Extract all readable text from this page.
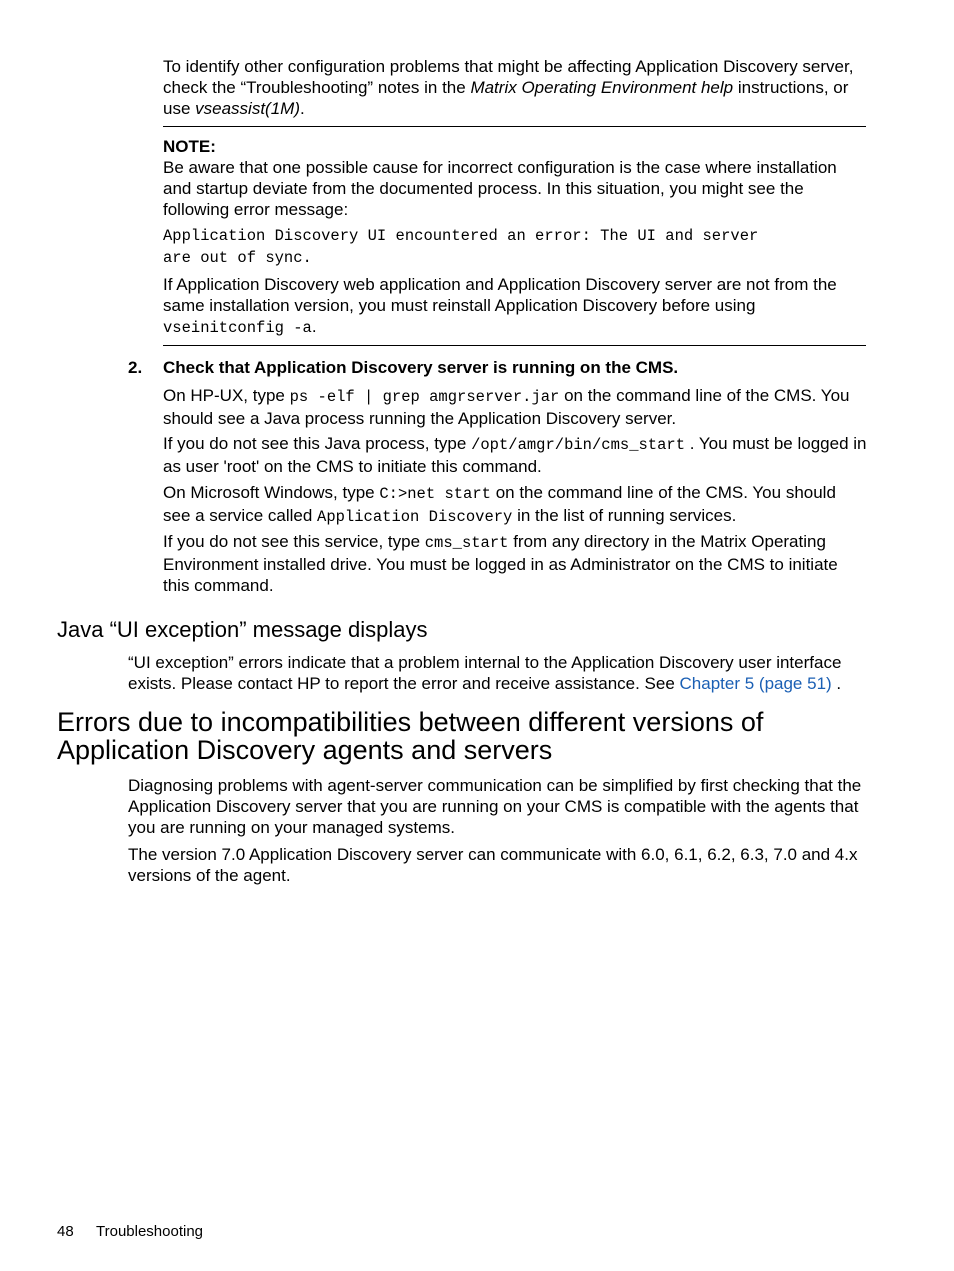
To identify other configuration problems that might be affecting Application Discovery server, check the “Troubleshooting” notes in the Matrix Operating Environment help instructions, or use vseassist(1M).

NOTE:

Be aware that one possible cause for incorrect configuration is the case where installation and startup deviate from the documented process. In this situation, you might see the following error message:

Application Discovery UI encountered an error: The UI and server
are out of sync.

If Application Discovery web application and Application Discovery server are not from the same installation version, you must reinstall Application Discovery before using vseinitconfig -a.

2. Check that Application Discovery server is running on the CMS.

On HP-UX, type ps -elf | grep amgrserver.jar on the command line of the CMS. You should see a Java process running the Application Discovery server.

If you do not see this Java process, type /opt/amgr/bin/cms_start . You must be logged in as user 'root' on the CMS to initiate this command.

On Microsoft Windows, type C:>net start on the command line of the CMS. You should see a service called Application Discovery in the list of running services.

If you do not see this service, type cms_start from any directory in the Matrix Operating Environment installed drive. You must be logged in as Administrator on the CMS to initiate this command.

Java “UI exception” message displays

“UI exception” errors indicate that a problem internal to the Application Discovery user interface exists. Please contact HP to report the error and receive assistance. See Chapter 5 (page 51) .

Errors due to incompatibilities between different versions of Application Discovery agents and servers

Diagnosing problems with agent-server communication can be simplified by first checking that the Application Discovery server that you are running on your CMS is compatible with the agents that you are running on your managed systems.

The version 7.0 Application Discovery server can communicate with 6.0, 6.1, 6.2, 6.3, 7.0 and 4.x versions of the agent.

48 Troubleshooting
